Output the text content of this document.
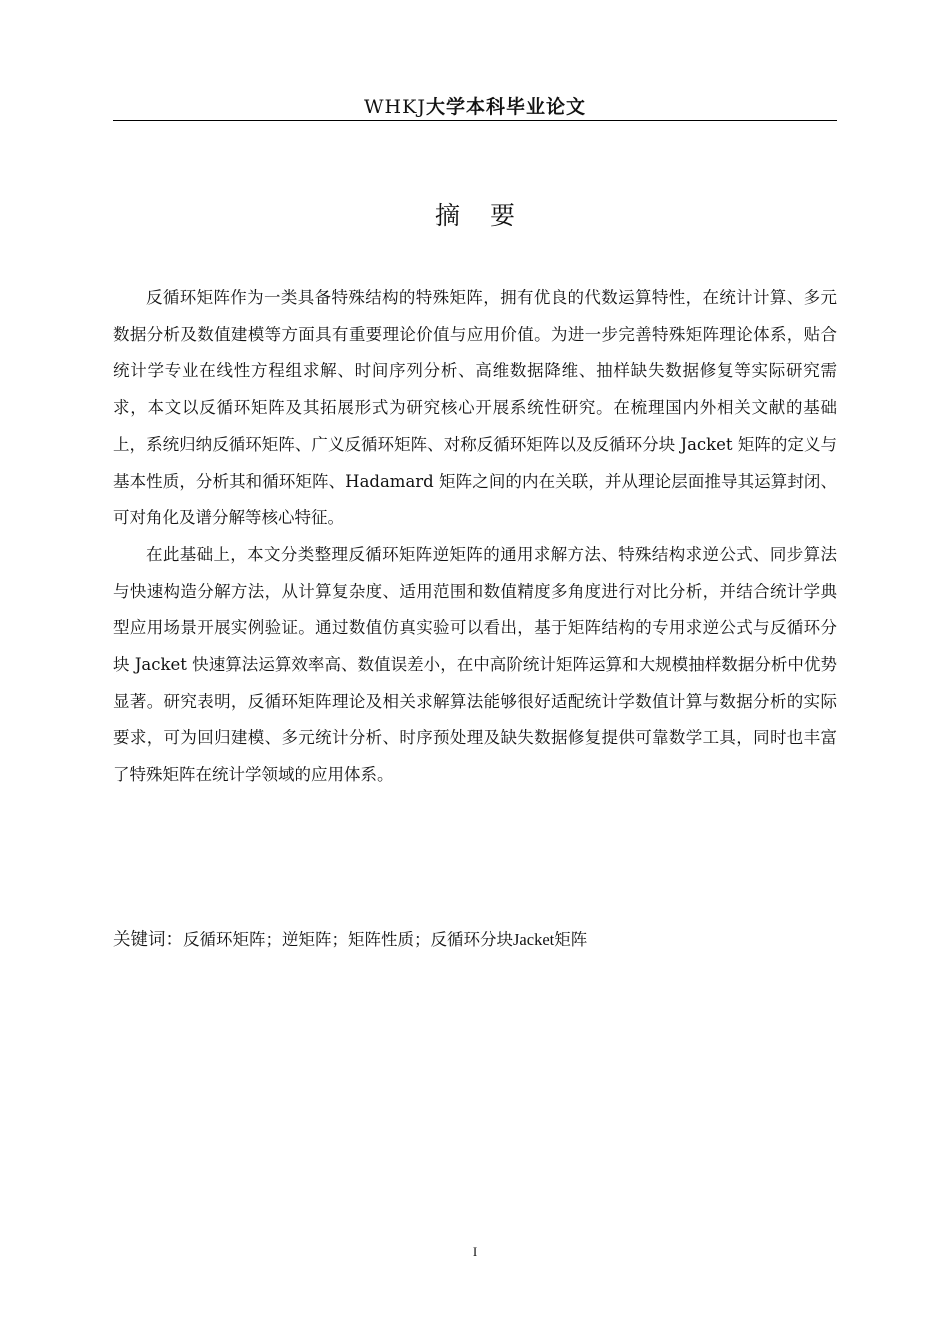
WHKJ大学本科毕业论文
摘要

反循环矩阵作为一类具备特殊结构的特殊矩阵，拥有优良的代数运算特性，在统计计算、多元数据分析及数值建模等方面具有重要理论价值与应用价值。为进一步完善特殊矩阵理论体系，贴合统计学专业在线性方程组求解、时间序列分析、高维数据降维、抽样缺失数据修复等实际研究需求，本文以反循环矩阵及其拓展形式为研究核心开展系统性研究。在梳理国内外相关文献的基础上，系统归纳反循环矩阵、广义反循环矩阵、对称反循环矩阵以及反循环分块 Jacket 矩阵的定义与基本性质，分析其和循环矩阵、Hadamard 矩阵之间的内在关联，并从理论层面推导其运算封闭、可对角化及谱分解等核心特征。

在此基础上，本文分类整理反循环矩阵逆矩阵的通用求解方法、特殊结构求逆公式、同步算法与快速构造分解方法，从计算复杂度、适用范围和数值精度多角度进行对比分析，并结合统计学典型应用场景开展实例验证。通过数值仿真实验可以看出，基于矩阵结构的专用求逆公式与反循环分块 Jacket 快速算法运算效率高、数值误差小，在中高阶统计矩阵运算和大规模抽样数据分析中优势显著。研究表明，反循环矩阵理论及相关求解算法能够很好适配统计学数值计算与数据分析的实际要求，可为回归建模、多元统计分析、时序预处理及缺失数据修复提供可靠数学工具，同时也丰富了特殊矩阵在统计学领域的应用体系。

关键词：反循环矩阵；逆矩阵；矩阵性质；反循环分块Jacket矩阵
I
